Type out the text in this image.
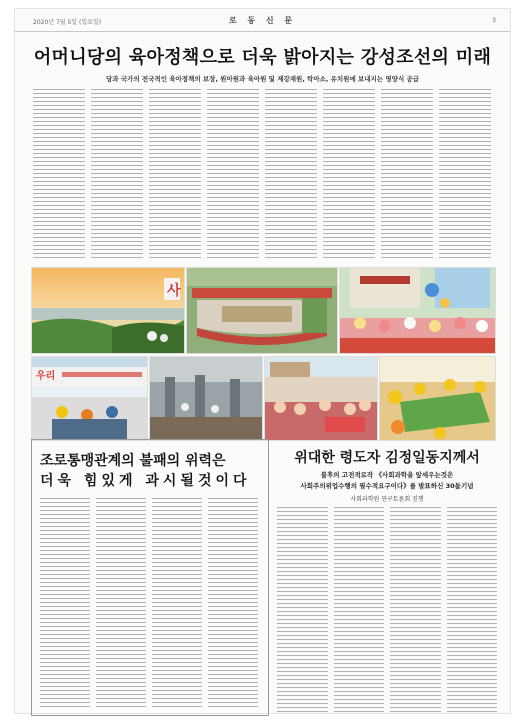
2020년 7월 5일 (일요일)	로 동 신 문	3
어머니당의 육아정책으로 더욱 밝아지는 강성조선의 미래
당과 국가의 전국적인 육아정책의 보장, 원아원과 육아원 및 제강재원, 탁아소, 유치원에 보내지는 영양식 공급
사
우리
조로통맹관계의 불패의 위력은
더욱 힘있게 과시될것이다
위대한 령도자 김정일동지께서
불후의 고전적로작 《사회과학을 앞세우는것은
사회주의위업수행의 필수적요구이다》를 발표하신 30돐기념
사회과학원 연구토론회 진행
